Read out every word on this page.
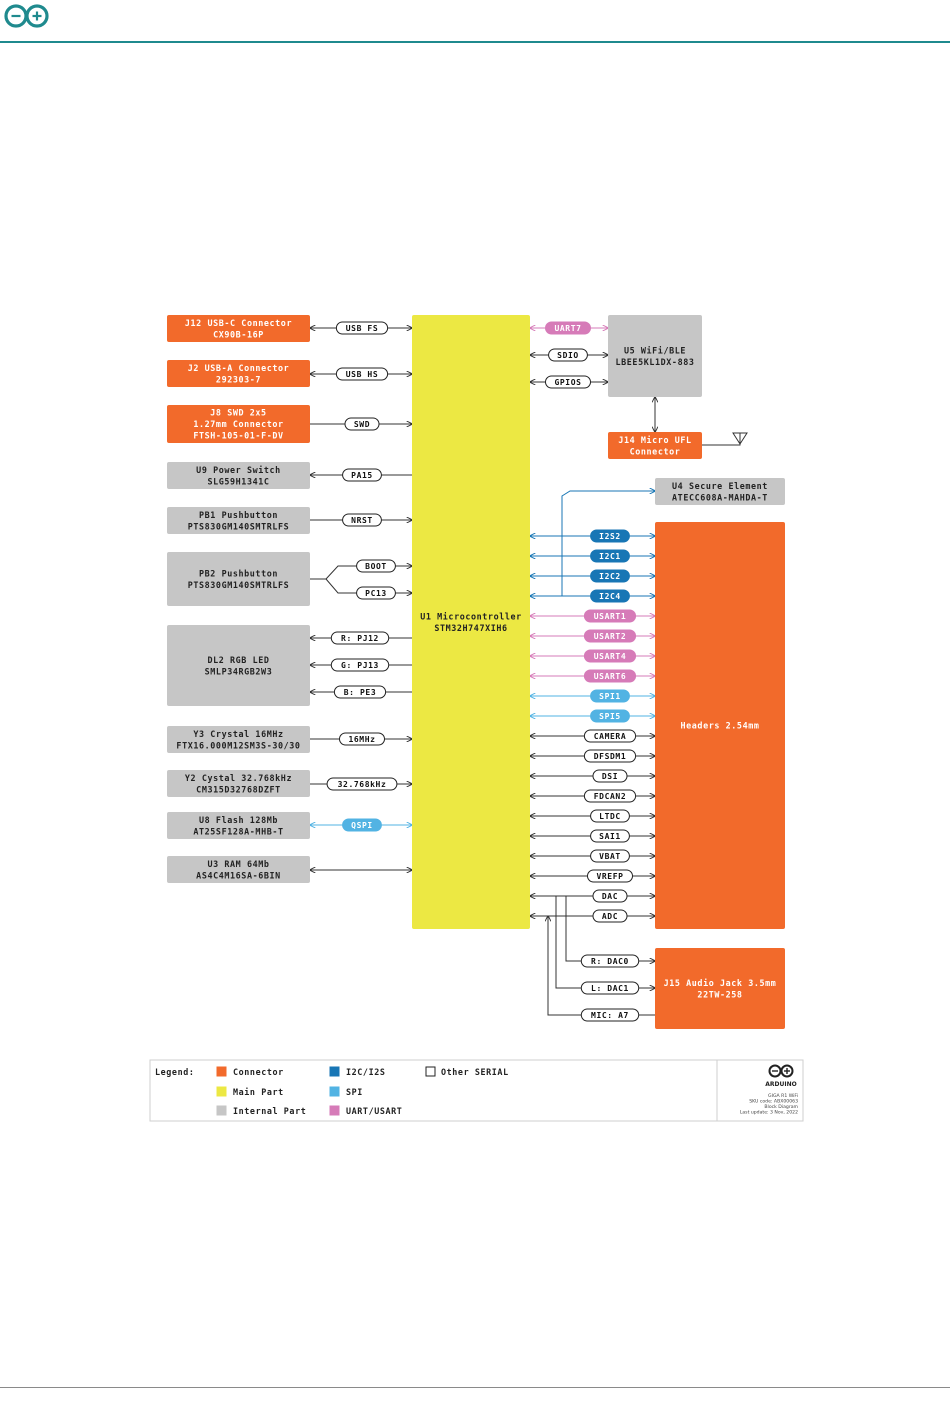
J12 USB-C Connector
CX90B-16P
J2 USB-A Connector
292303-7
J8 SWD 2x5
1.27mm Connector
FTSH-105-01-F-DV
U9 Power Switch
SLG59H1341C
PB1 Pushbutton
PTS830GM140SMTRLFS
PB2 Pushbutton
PTS830GM140SMTRLFS
DL2 RGB LED
SMLP34RGB2W3
Y3 Crystal 16MHz
FTX16.000M12SM3S-30/30
Y2 Cystal 32.768kHz
CM315D32768DZFT
U8 Flash 128Mb
AT25SF128A-MHB-T
U3 RAM 64Mb
AS4C4M16SA-6BIN
U1 Microcontroller
STM32H747XIH6
U5 WiFi/BLE
LBEE5KL1DX-883
J14 Micro UFL
Connector
U4 Secure Element
ATECC608A-MAHDA-T
Headers 2.54mm
J15 Audio Jack 3.5mm
22TW-258
USB FS
USB HS
SWD
PA15
NRST
16MHz
32.768kHz
QSPI
BOOT
PC13
R: PJ12
G: PJ13
B: PE3
UART7
SDIO
GPIOS
I2S2
I2C1
I2C2
I2C4
USART1
USART2
USART4
USART6
SPI1
SPI5
CAMERA
DFSDM1
DSI
FDCAN2
LTDC
SAI1
VBAT
VREFP
DAC
ADC
R: DAC0
L: DAC1
MIC: A7
Legend:	Connector
Main Part
Internal Part
I2C/I2S
SPI
UART/USART
Other SERIAL
ARDUINO
GIGA R1 WiFi
SKU code: ABX00063
Block Diagram
Last update: 3 Nov, 2022
